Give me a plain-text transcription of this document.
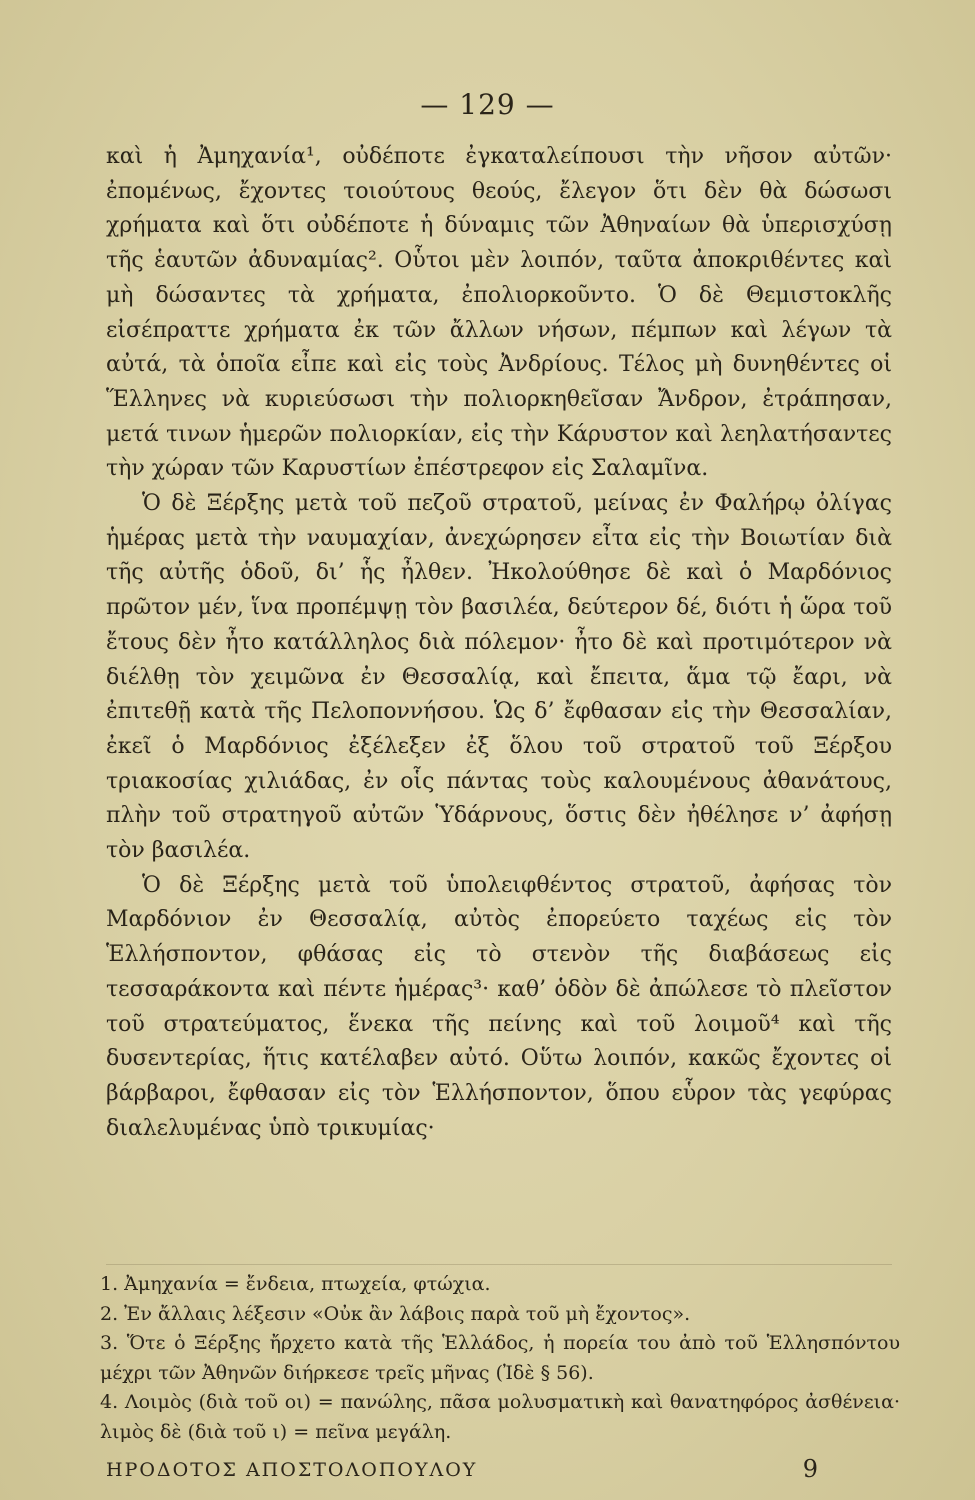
— 129 —

καὶ ἡ Ἀμηχανία¹, οὐδέποτε ἐγκαταλείπουσι τὴν νῆσον αὐτῶν· ἐπομένως, ἔχοντες τοιούτους θεούς, ἔλεγον ὅτι δὲν θὰ δώσωσι χρήματα καὶ ὅτι οὐδέποτε ἡ δύναμις τῶν Ἀθηναίων θὰ ὑπερισχύσῃ τῆς ἑαυτῶν ἀδυναμίας². Οὗτοι μὲν λοιπόν, ταῦτα ἀποκριθέντες καὶ μὴ δώσαντες τὰ χρήματα, ἐπολιορκοῦντο. Ὁ δὲ Θεμιστοκλῆς εἰσέπραττε χρήματα ἐκ τῶν ἄλλων νήσων, πέμπων καὶ λέγων τὰ αὐτά, τὰ ὁποῖα εἶπε καὶ εἰς τοὺς Ἀνδρίους. Τέλος μὴ δυνηθέντες οἱ Ἕλληνες νὰ κυριεύσωσι τὴν πολιορκηθεῖσαν Ἄνδρον, ἐτράπησαν, μετά τινων ἡμερῶν πολιορκίαν, εἰς τὴν Κάρυστον καὶ λεηλατήσαντες τὴν χώραν τῶν Καρυστίων ἐπέστρεφον εἰς Σαλαμῖνα.

Ὁ δὲ Ξέρξης μετὰ τοῦ πεζοῦ στρατοῦ, μείνας ἐν Φαλήρῳ ὀλίγας ἡμέρας μετὰ τὴν ναυμαχίαν, ἀνεχώρησεν εἶτα εἰς τὴν Βοιωτίαν διὰ τῆς αὐτῆς ὁδοῦ, δι’ ἧς ἦλθεν. Ἠκολούθησε δὲ καὶ ὁ Μαρδόνιος πρῶτον μέν, ἵνα προπέμψῃ τὸν βασιλέα, δεύτερον δέ, διότι ἡ ὥρα τοῦ ἔτους δὲν ἦτο κατάλληλος διὰ πόλεμον· ἦτο δὲ καὶ προτιμότερον νὰ διέλθῃ τὸν χειμῶνα ἐν Θεσσαλίᾳ, καὶ ἔπειτα, ἅμα τῷ ἔαρι, νὰ ἐπιτεθῇ κατὰ τῆς Πελοποννήσου. Ὡς δ’ ἔφθασαν εἰς τὴν Θεσσαλίαν, ἐκεῖ ὁ Μαρδόνιος ἐξέλεξεν ἐξ ὅλου τοῦ στρατοῦ τοῦ Ξέρξου τριακοσίας χιλιάδας, ἐν οἷς πάντας τοὺς καλουμένους ἀθανάτους, πλὴν τοῦ στρατηγοῦ αὐτῶν Ὑδάρνους, ὅστις δὲν ἠθέλησε ν’ ἀφήσῃ τὸν βασιλέα.

Ὁ δὲ Ξέρξης μετὰ τοῦ ὑπολειφθέντος στρατοῦ, ἀφήσας τὸν Μαρδόνιον ἐν Θεσσαλίᾳ, αὐτὸς ἐπορεύετο ταχέως εἰς τὸν Ἑλλήσποντον, φθάσας εἰς τὸ στενὸν τῆς διαβάσεως εἰς τεσσαράκοντα καὶ πέντε ἡμέρας³· καθ’ ὁδὸν δὲ ἀπώλεσε τὸ πλεῖστον τοῦ στρατεύματος, ἕνεκα τῆς πείνης καὶ τοῦ λοιμοῦ⁴ καὶ τῆς δυσεντερίας, ἥτις κατέλαβεν αὐτό. Οὕτω λοιπόν, κακῶς ἔχοντες οἱ βάρβαροι, ἔφθασαν εἰς τὸν Ἑλλήσποντον, ὅπου εὗρον τὰς γεφύρας διαλελυμένας ὑπὸ τρικυμίας·

1. Ἀμηχανία = ἔνδεια, πτωχεία, φτώχια.

2. Ἐν ἄλλαις λέξεσιν «Οὐκ ἂν λάβοις παρὰ τοῦ μὴ ἔχοντος».

3. Ὅτε ὁ Ξέρξης ἤρχετο κατὰ τῆς Ἑλλάδος, ἡ πορεία του ἀπὸ τοῦ Ἑλλησπόντου μέχρι τῶν Ἀθηνῶν διήρκεσε τρεῖς μῆνας (Ἰδὲ § 56).

4. Λοιμὸς (διὰ τοῦ οι) = πανώλης, πᾶσα μολυσματικὴ καὶ θανατηφόρος ἀσθένεια· λιμὸς δὲ (διὰ τοῦ ι) = πεῖνα μεγάλη.

ΗΡΟΔΟΤΟΣ ΑΠΟΣΤΟΛΟΠΟΥΛΟΥ	9
